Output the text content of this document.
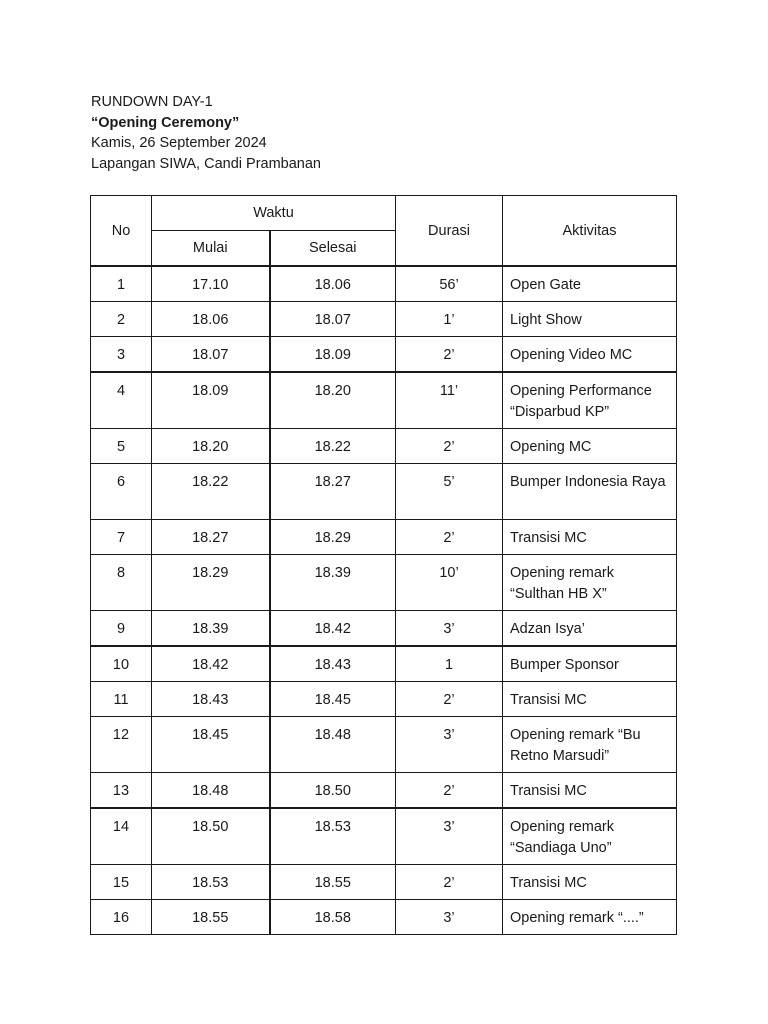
RUNDOWN DAY-1
“Opening Ceremony”
Kamis, 26 September 2024
Lapangan SIWA, Candi Prambanan
No	Waktu		Durasi	Aktivitas
	Mulai	Selesai		
1	17.10	18.06	56’	Open Gate
2	18.06	18.07	1’	Light Show
3	18.07	18.09	2’	Opening Video MC
4	18.09	18.20	11’	Opening Performance “Disparbud KP”
5	18.20	18.22	2’	Opening MC
6	18.22	18.27	5’	Bumper Indonesia Raya
7	18.27	18.29	2’	Transisi MC
8	18.29	18.39	10’	Opening remark “Sulthan HB X”
9	18.39	18.42	3’	Adzan Isya’
10	18.42	18.43	1	Bumper Sponsor
11	18.43	18.45	2’	Transisi MC
12	18.45	18.48	3’	Opening remark “Bu Retno Marsudi”
13	18.48	18.50	2’	Transisi MC
14	18.50	18.53	3’	Opening remark “Sandiaga Uno”
15	18.53	18.55	2’	Transisi MC
16	18.55	18.58	3’	Opening remark “....”
